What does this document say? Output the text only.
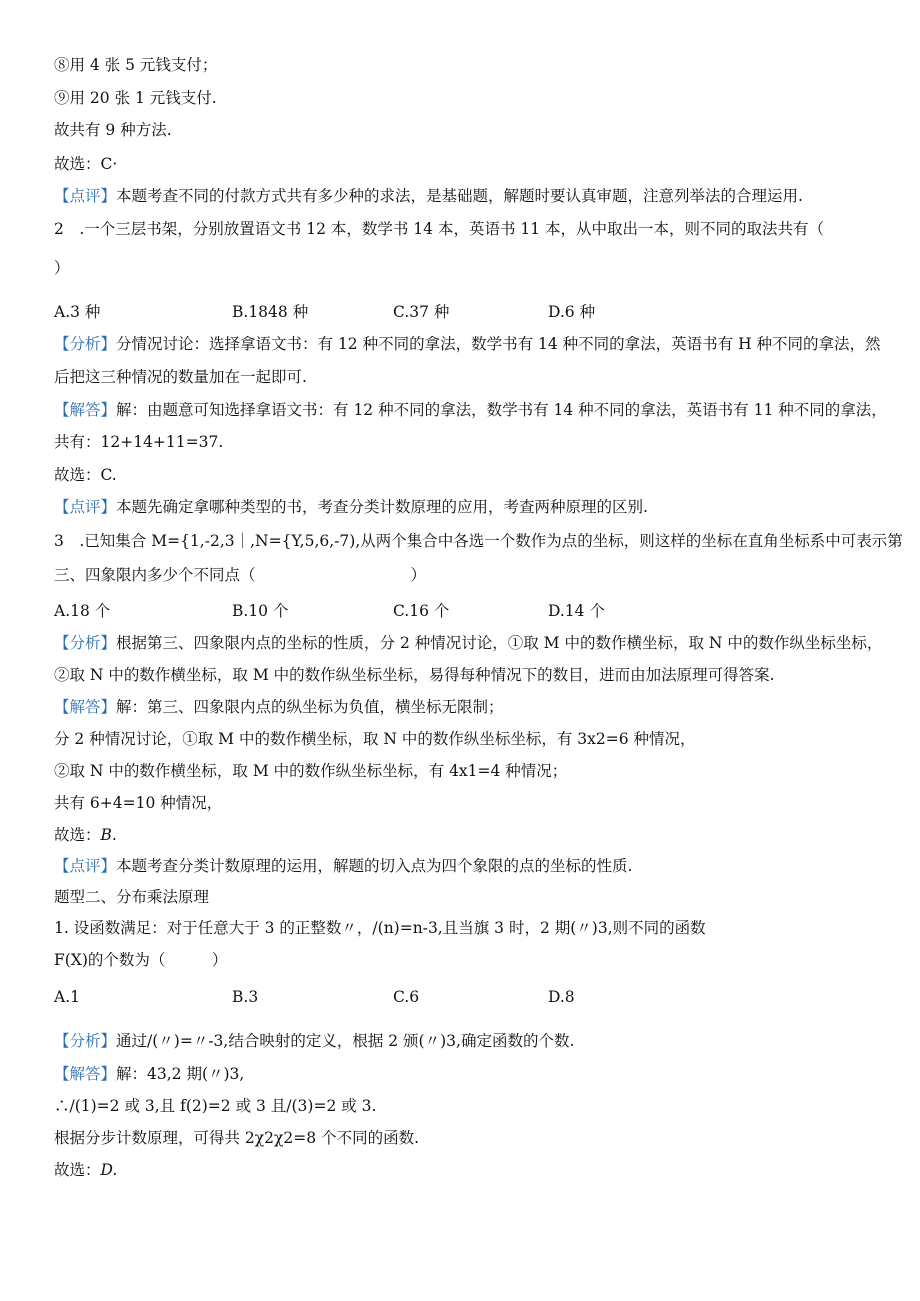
⑧用 4 张 5 元钱支付；
⑨用 20 张 1 元钱支付.
故共有 9 种方法.
故选：C·
【点评】本题考查不同的付款方式共有多少种的求法，是基础题，解题时要认真审题，注意列举法的合理运用.
2　.一个三层书架，分别放置语文书 12 本，数学书 14 本，英语书 11 本，从中取出一本，则不同的取法共有（
）
A.3 种	B.1848 种	C.37 种	D.6 种
【分析】分情况讨论：选择拿语文书：有 12 种不同的拿法，数学书有 14 种不同的拿法，英语书有 H 种不同的拿法，然
后把这三种情况的数量加在一起即可.
【解答】解：由题意可知选择拿语文书：有 12 种不同的拿法，数学书有 14 种不同的拿法，英语书有 11 种不同的拿法，
共有：12+14+11=37.
故选：C.
【点评】本题先确定拿哪种类型的书，考查分类计数原理的应用，考查两种原理的区别.
3　.已知集合 M={1,-2,3｜,N={Y,5,6,-7),从两个集合中各选一个数作为点的坐标，则这样的坐标在直角坐标系中可表示第
三、四象限内多少个不同点（　　　　　　　　　　）
A.18 个	B.10 个	C.16 个	D.14 个
【分析】根据第三、四象限内点的坐标的性质，分 2 种情况讨论，①取 M 中的数作横坐标，取 N 中的数作纵坐标坐标，
②取 N 中的数作横坐标，取 M 中的数作纵坐标坐标，易得每种情况下的数目，进而由加法原理可得答案.
【解答】解：第三、四象限内点的纵坐标为负值，横坐标无限制；
分 2 种情况讨论，①取 M 中的数作横坐标，取 N 中的数作纵坐标坐标，有 3x2=6 种情况，
②取 N 中的数作横坐标，取 M 中的数作纵坐标坐标，有 4x1=4 种情况；
共有 6+4=10 种情况，
故选：B.
【点评】本题考查分类计数原理的运用，解题的切入点为四个象限的点的坐标的性质.
题型二、分布乘法原理
1. 设函数满足：对于任意大于 3 的正整数〃，/(n)=n-3,且当旗 3 时，2 期(〃)3,则不同的函数
F(X)的个数为（　　　）
A.1	B.3	C.6	D.8
【分析】通过/(〃)=〃-3,结合映射的定义，根据 2 颁(〃)3,确定函数的个数.
【解答】解：43,2 期(〃)3,
∴/(1)=2 或 3,且 f(2)=2 或 3 且/(3)=2 或 3.
根据分步计数原理，可得共 2χ2χ2=8 个不同的函数.
故选：D.
